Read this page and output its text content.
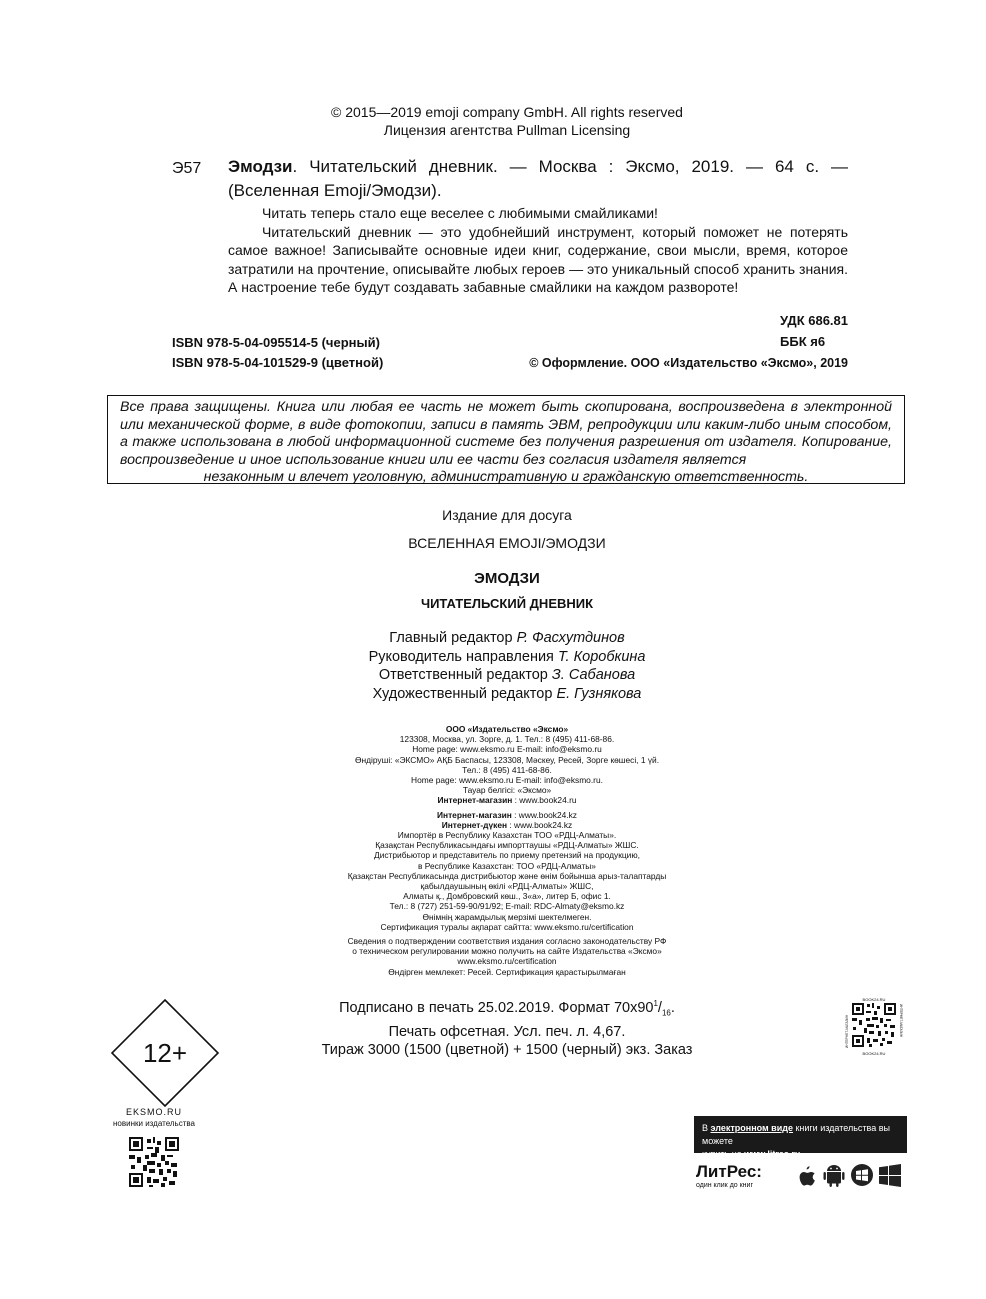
© 2015—2019 emoji company GmbH. All rights reserved
Лицензия агентства Pullman Licensing
Э57 Эмодзи. Читательский дневник. — Москва : Эксмо, 2019. — 64 с. — (Вселенная Emoji/Эмодзи).

Читать теперь стало еще веселее с любимыми смайликами!

Читательский дневник — это удобнейший инструмент, который поможет не потерять самое важное! Записывайте основные идеи книг, содержание, свои мысли, время, которое затратили на прочтение, описывайте любых героев — это уникальный способ хранить знания. А настроение тебе будут создавать забавные смайлики на каждом развороте!

ISBN 978-5-04-095514-5 (черный)
ISBN 978-5-04-101529-9 (цветной)
УДК 686.81
ББК я6
© Оформление. ООО «Издательство «Эксмо», 2019
Все права защищены. Книга или любая ее часть не может быть скопирована, воспроизведена в электронной или механической форме, в виде фотокопии, записи в память ЭВМ, репродукции или каким-либо иным способом, а также использована в любой информационной системе без получения разрешения от издателя. Копирование, воспроизведение и иное использование книги или ее части без согласия издателя является
незаконным и влечет уголовную, административную и гражданскую ответственность.
Издание для досуга
ВСЕЛЕННАЯ EMOJI/ЭМОДЗИ
ЭМОДЗИ
ЧИТАТЕЛЬСКИЙ ДНЕВНИК
Главный редактор Р. Фасхутдинов
Руководитель направления Т. Коробкина
Ответственный редактор З. Сабанова
Художественный редактор Е. Гузнякова
ООО «Издательство «Эксмо»
123308, Москва, ул. Зорге, д. 1. Тел.: 8 (495) 411-68-86.
Home page: www.eksmo.ru E-mail: info@eksmo.ru
Өндіруші: «ЭКСМО» АҚБ Баспасы, 123308, Мәскеу, Ресей, Зорге көшесі, 1 үй.
Тел.: 8 (495) 411-68-86.
Home page: www.eksmo.ru E-mail: info@eksmo.ru.
Тауар белгісі: «Эксмо»
Интернет-магазин : www.book24.ru
Интернет-магазин : www.book24.kz
Интернет-дүкен : www.book24.kz
Импортёр в Республику Казахстан ТОО «РДЦ-Алматы».
Қазақстан Республикасындағы импорттаушы «РДЦ-Алматы» ЖШС.
Дистрибьютор и представитель по приему претензий на продукцию,
в Республике Казахстан: ТОО «РДЦ-Алматы»
Қазақстан Республикасында дистрибьютор және өнім бойынша арыз-талаптарды
қабылдаушының өкілі «РДЦ-Алматы» ЖШС,
Алматы қ., Домбровский көш., 3«а», литер Б, офис 1.
Тел.: 8 (727) 251-59-90/91/92; E-mail: RDC-Almaty@eksmo.kz
Өнімнің жарамдылық мерзімі шектелмеген.
Сертификация туралы ақпарат сайтта: www.eksmo.ru/certification
Сведения о подтверждении соответствия издания согласно законодательству РФ
о техническом регулировании можно получить на сайте Издательства «Эксмо»
www.eksmo.ru/certification
Өндірген мемлекет: Ресей. Сертификация қарастырылмаған
Подписано в печать 25.02.2019. Формат $70x90^1/_{16}$.
Печать офсетная. Усл. печ. л. 4,67.
Тираж 3000 (1500 (цветной) + 1500 (черный) экз. Заказ
12+
EKSMO.RU
новинки издательства
BOOK24.RU
BOOK24.RU
ИНТЕРНЕТ-МАГАЗИН	ИНТЕРНЕТ-МАГАЗИН
В электронном виде книги издательства вы можете
купить на www.litres.ru
ЛитРес:
один клик до книг
